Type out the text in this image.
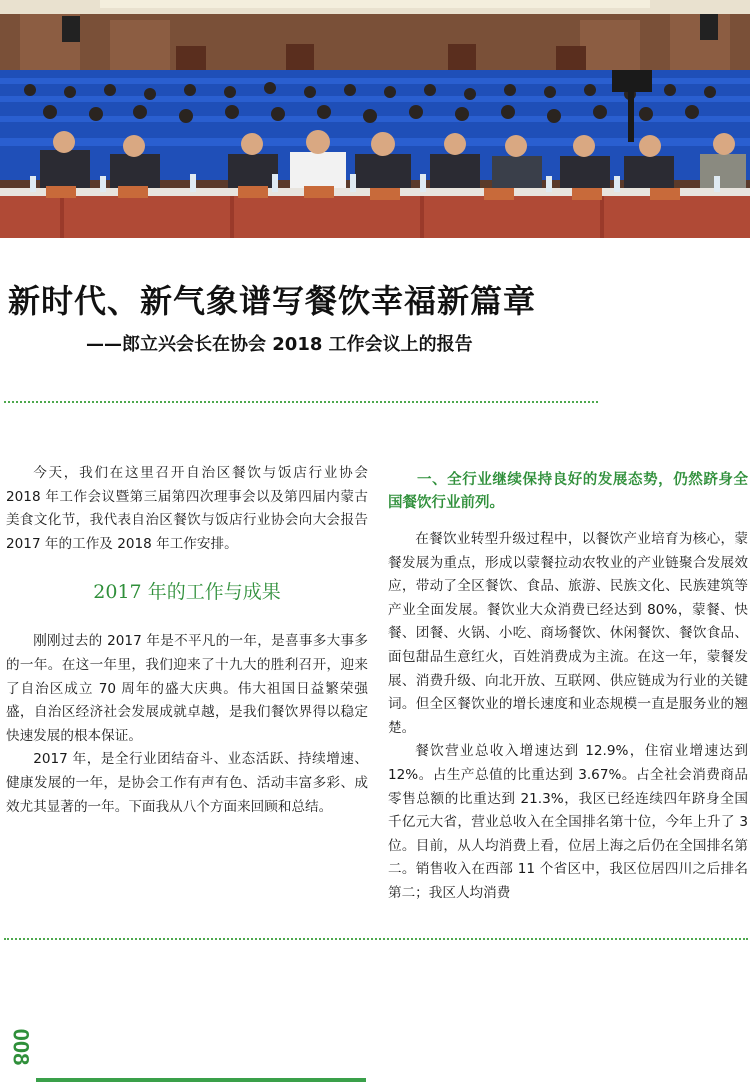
新时代、新气象谱写餐饮幸福新篇章
——郎立兴会长在协会 2018 工作会议上的报告

今天，我们在这里召开自治区餐饮与饭店行业协会 2018 年工作会议暨第三届第四次理事会以及第四届内蒙古美食文化节，我代表自治区餐饮与饭店行业协会向大会报告 2017 年的工作及 2018 年工作安排。

2017 年的工作与成果

刚刚过去的 2017 年是不平凡的一年，是喜事多大事多的一年。在这一年里，我们迎来了十九大的胜利召开，迎来了自治区成立 70 周年的盛大庆典。伟大祖国日益繁荣强盛，自治区经济社会发展成就卓越，是我们餐饮界得以稳定快速发展的根本保证。

2017 年，是全行业团结奋斗、业态活跃、持续增速、健康发展的一年，是协会工作有声有色、活动丰富多彩、成效尤其显著的一年。下面我从八个方面来回顾和总结。

一、全行业继续保持良好的发展态势，仍然跻身全国餐饮行业前列。

在餐饮业转型升级过程中，以餐饮产业培育为核心，蒙餐发展为重点，形成以蒙餐拉动农牧业的产业链聚合发展效应，带动了全区餐饮、食品、旅游、民族文化、民族建筑等产业全面发展。餐饮业大众消费已经达到 80%，蒙餐、快餐、团餐、火锅、小吃、商场餐饮、休闲餐饮、餐饮食品、面包甜品生意红火，百姓消费成为主流。在这一年，蒙餐发展、消费升级、向北开放、互联网、供应链成为行业的关键词。但全区餐饮业的增长速度和业态规模一直是服务业的翘楚。

餐饮营业总收入增速达到 12.9%，住宿业增速达到 12%。占生产总值的比重达到 3.67%。占全社会消费商品零售总额的比重达到 21.3%，我区已经连续四年跻身全国千亿元大省，营业总收入在全国排名第十位，今年上升了 3 位。目前，从人均消费上看，位居上海之后仍在全国排名第二。销售收入在西部 11 个省区中，我区位居四川之后排名第二；我区人均消费

008
